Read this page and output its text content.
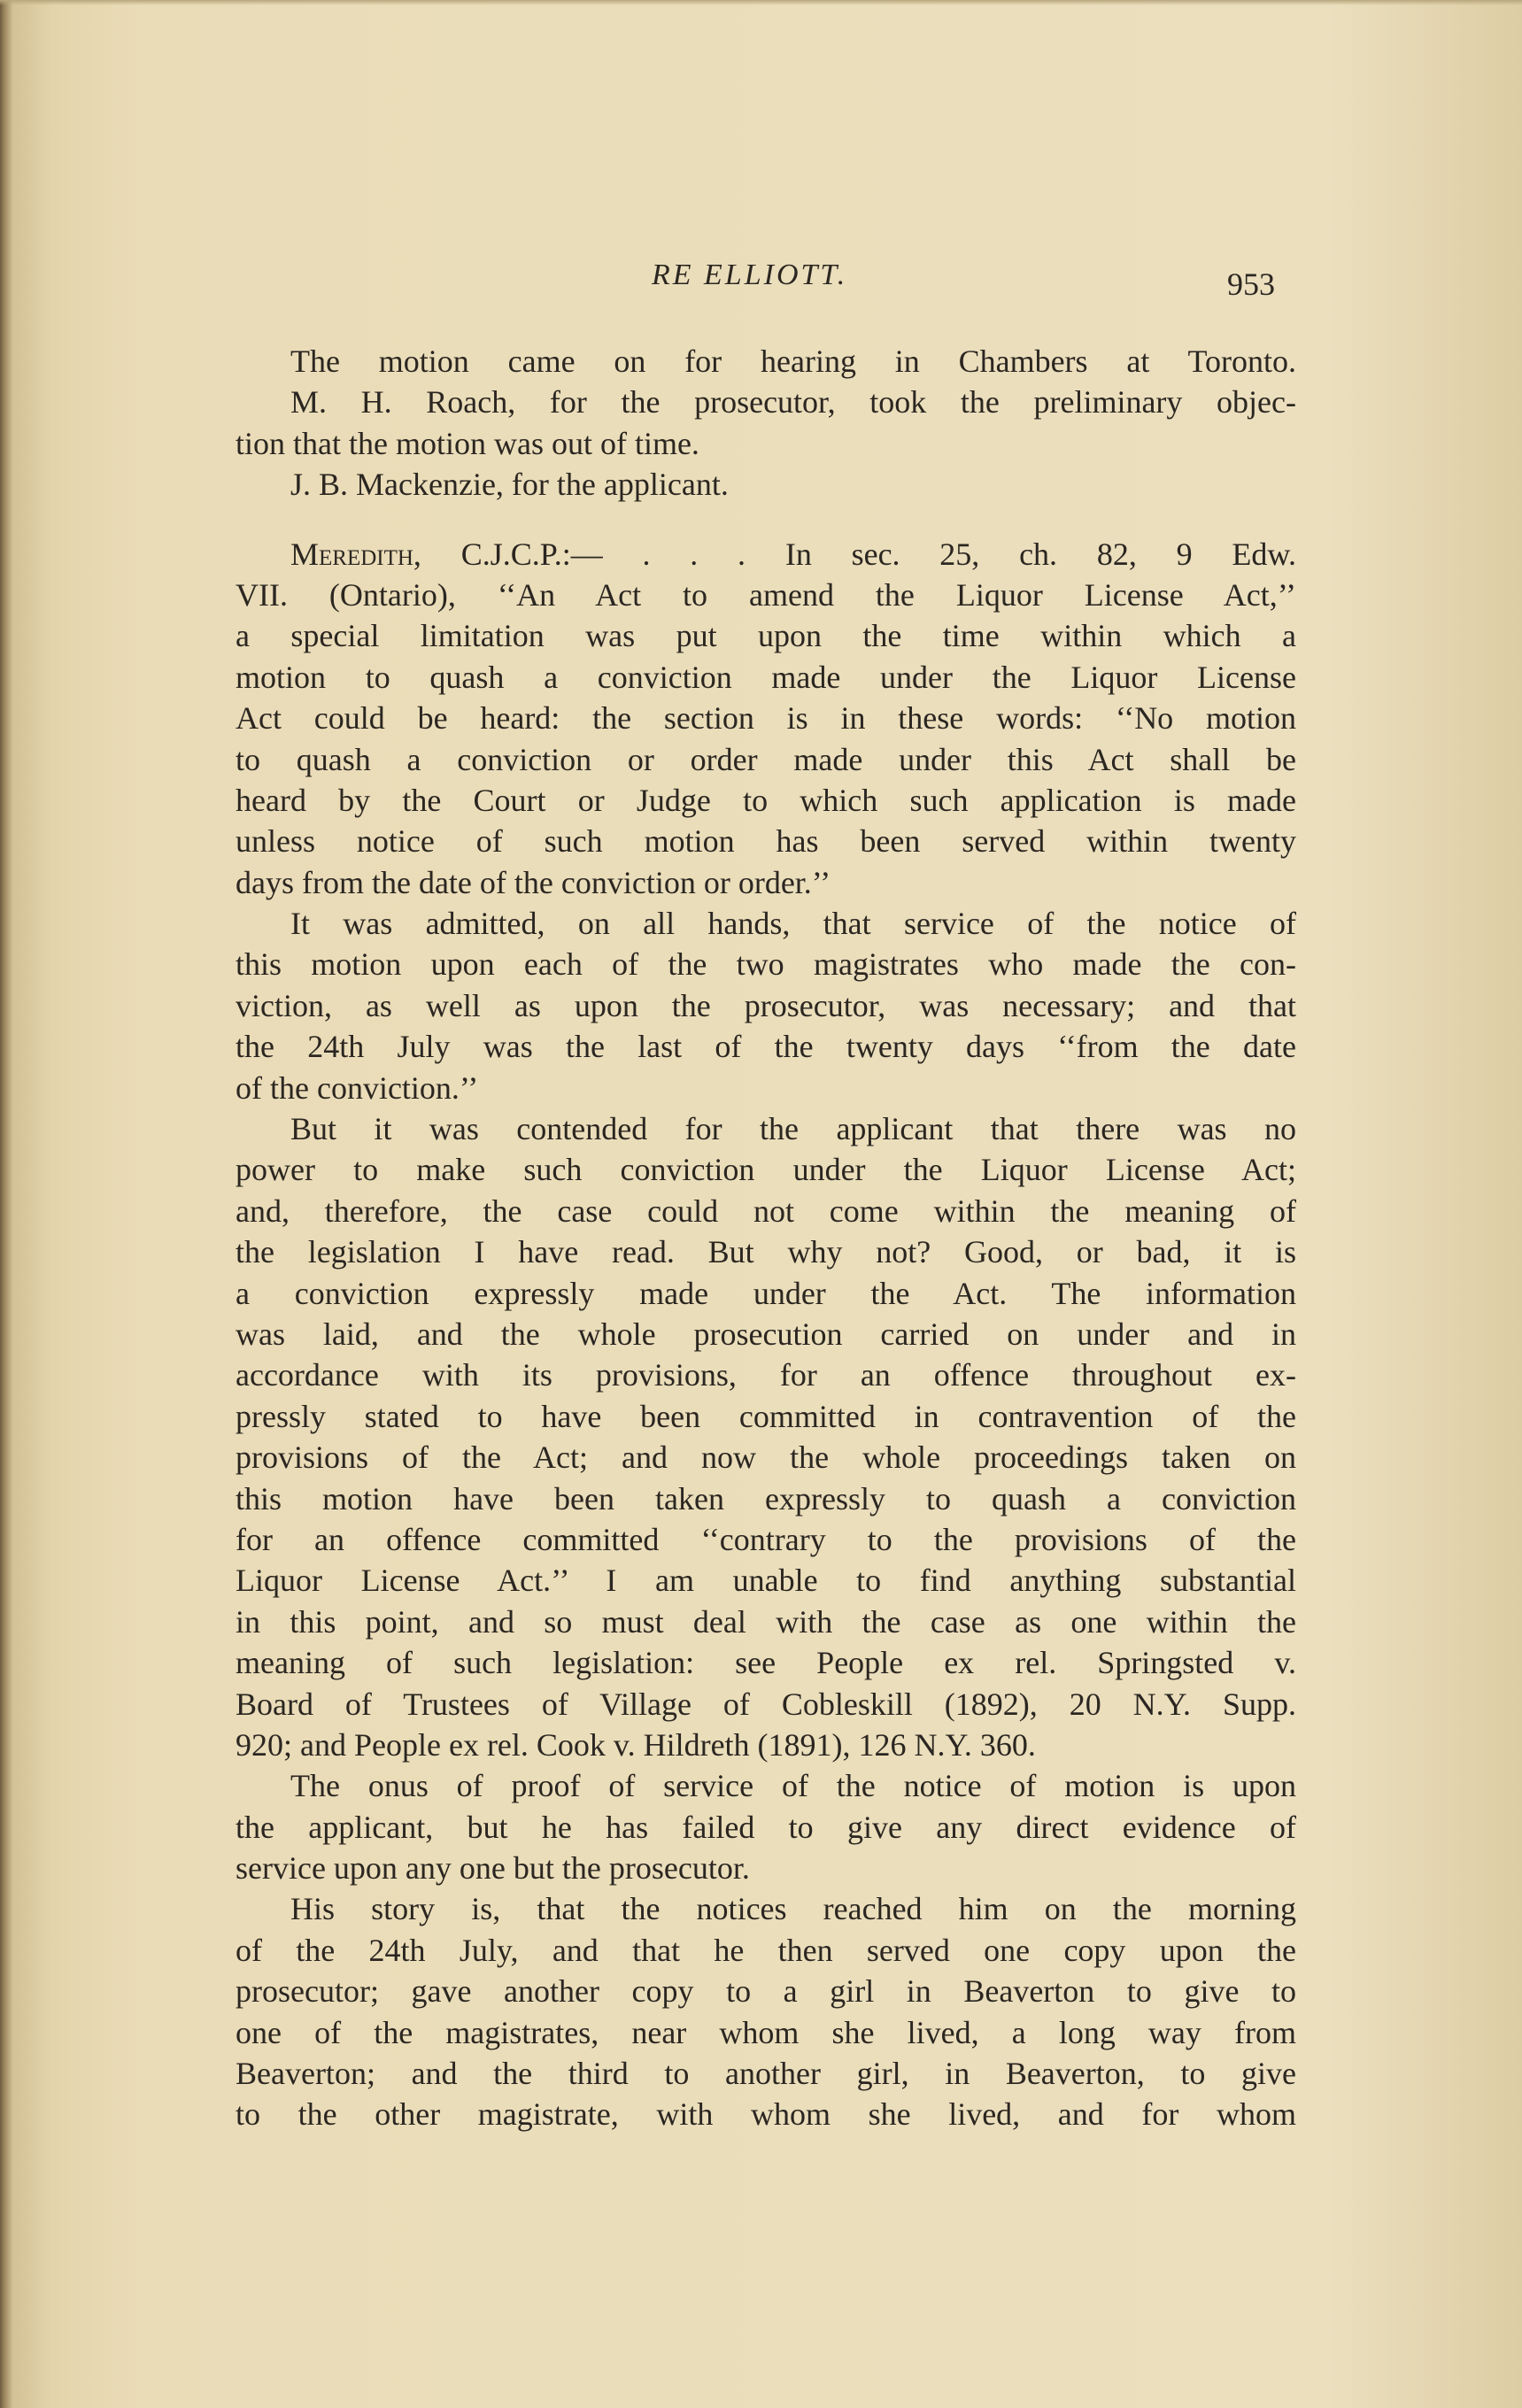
RE ELLIOTT.	953
The motion came on for hearing in Chambers at Toronto.
M. H. Roach, for the prosecutor, took the preliminary objec-
tion that the motion was out of time.
J. B. Mackenzie, for the applicant.
Meredith, C.J.C.P.:— . . . In sec. 25, ch. 82, 9 Edw.
VII. (Ontario), ‘‘An Act to amend the Liquor License Act,’’
a special limitation was put upon the time within which a
motion to quash a conviction made under the Liquor License
Act could be heard: the section is in these words: ‘‘No motion
to quash a conviction or order made under this Act shall be
heard by the Court or Judge to which such application is made
unless notice of such motion has been served within twenty
days from the date of the conviction or order.’’
It was admitted, on all hands, that service of the notice of
this motion upon each of the two magistrates who made the con-
viction, as well as upon the prosecutor, was necessary; and that
the 24th July was the last of the twenty days ‘‘from the date
of the conviction.’’
But it was contended for the applicant that there was no
power to make such conviction under the Liquor License Act;
and, therefore, the case could not come within the meaning of
the legislation I have read. But why not? Good, or bad, it is
a conviction expressly made under the Act. The information
was laid, and the whole prosecution carried on under and in
accordance with its provisions, for an offence throughout ex-
pressly stated to have been committed in contravention of the
provisions of the Act; and now the whole proceedings taken on
this motion have been taken expressly to quash a conviction
for an offence committed ‘‘contrary to the provisions of the
Liquor License Act.’’ I am unable to find anything substantial
in this point, and so must deal with the case as one within the
meaning of such legislation: see People ex rel. Springsted v.
Board of Trustees of Village of Cobleskill (1892), 20 N.Y. Supp.
920; and People ex rel. Cook v. Hildreth (1891), 126 N.Y. 360.
The onus of proof of service of the notice of motion is upon
the applicant, but he has failed to give any direct evidence of
service upon any one but the prosecutor.
His story is, that the notices reached him on the morning
of the 24th July, and that he then served one copy upon the
prosecutor; gave another copy to a girl in Beaverton to give to
one of the magistrates, near whom she lived, a long way from
Beaverton; and the third to another girl, in Beaverton, to give
to the other magistrate, with whom she lived, and for whom
